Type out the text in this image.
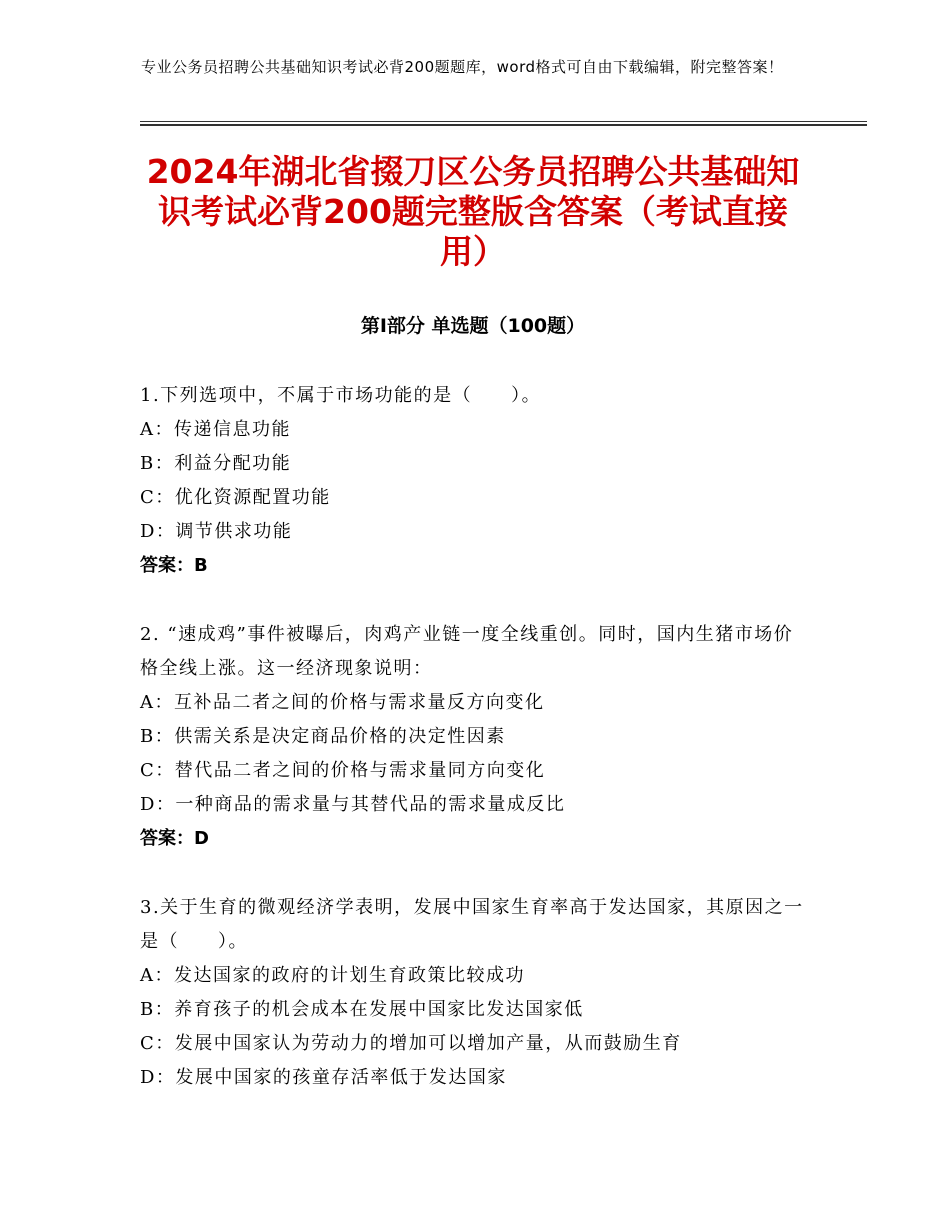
专业公务员招聘公共基础知识考试必背200题题库，word格式可自由下载编辑，附完整答案！
2024年湖北省掇刀区公务员招聘公共基础知识考试必背200题完整版含答案（考试直接用）
第Ⅰ部分 单选题（100题）

1.下列选项中，不属于市场功能的是（　　）。

A：传递信息功能

B：利益分配功能

C：优化资源配置功能

D：调节供求功能

答案：B

2. “速成鸡”事件被曝后，肉鸡产业链一度全线重创。同时，国内生猪市场价格全线上涨。这一经济现象说明：

A：互补品二者之间的价格与需求量反方向变化

B：供需关系是决定商品价格的决定性因素

C：替代品二者之间的价格与需求量同方向变化

D：一种商品的需求量与其替代品的需求量成反比

答案：D

3.关于生育的微观经济学表明，发展中国家生育率高于发达国家，其原因之一是（　　）。

A：发达国家的政府的计划生育政策比较成功

B：养育孩子的机会成本在发展中国家比发达国家低

C：发展中国家认为劳动力的增加可以增加产量，从而鼓励生育

D：发展中国家的孩童存活率低于发达国家
